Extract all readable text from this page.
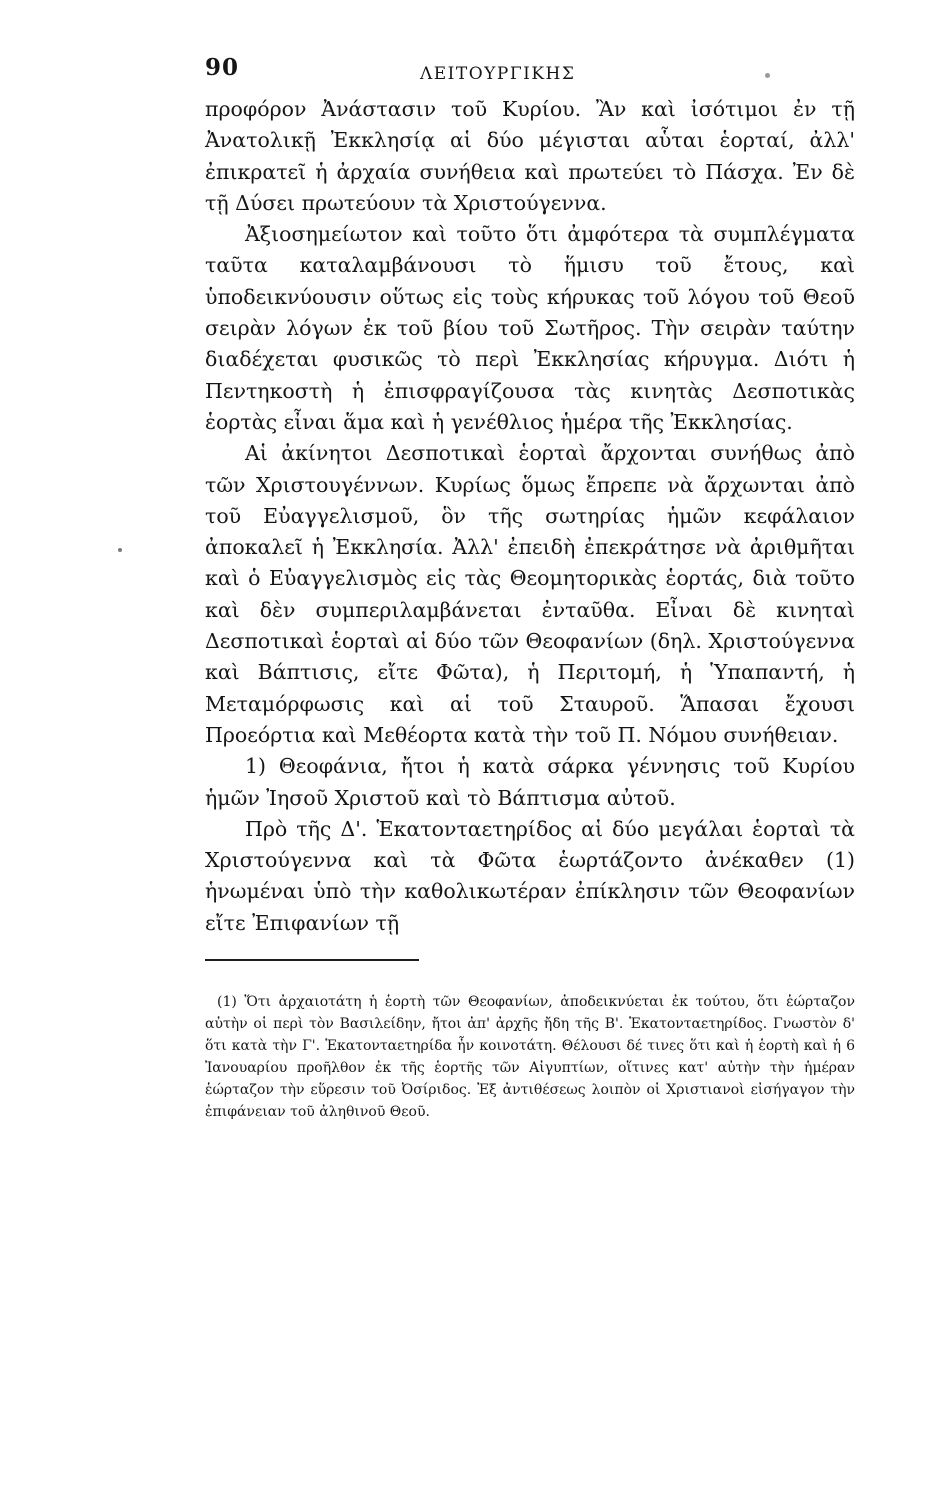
90	ΛΕΙΤΟΥΡΓΙΚΗΣ

προφόρον Ἀνάστασιν τοῦ Κυρίου. Ἂν καὶ ἰσότιμοι ἐν τῇ Ἀνατολικῇ Ἐκκλησίᾳ αἱ δύο μέγισται αὗται ἑορταί, ἀλλ' ἐπικρατεῖ ἡ ἀρχαία συνήθεια καὶ πρωτεύει τὸ Πάσχα. Ἐν δὲ τῇ Δύσει πρωτεύουν τὰ Χριστούγεννα.

Ἀξιοσημείωτον καὶ τοῦτο ὅτι ἀμφότερα τὰ συμπλέγματα ταῦτα καταλαμβάνουσι τὸ ἥμισυ τοῦ ἔτους, καὶ ὑποδεικνύουσιν οὕτως εἰς τοὺς κήρυκας τοῦ λόγου τοῦ Θεοῦ σειρὰν λόγων ἐκ τοῦ βίου τοῦ Σωτῆρος. Τὴν σειρὰν ταύτην διαδέχεται φυσικῶς τὸ περὶ Ἐκκλησίας κήρυγμα. Διότι ἡ Πεντηκοστὴ ἡ ἐπισφραγίζουσα τὰς κινητὰς Δεσποτικὰς ἑορτὰς εἶναι ἅμα καὶ ἡ γενέθλιος ἡμέρα τῆς Ἐκκλησίας.

Αἱ ἀκίνητοι Δεσποτικαὶ ἑορταὶ ἄρχονται συνήθως ἀπὸ τῶν Χριστουγέννων. Κυρίως ὅμως ἔπρεπε νὰ ἄρχωνται ἀπὸ τοῦ Εὐαγγελισμοῦ, ὃν τῆς σωτηρίας ἡμῶν κεφάλαιον ἀποκαλεῖ ἡ Ἐκκλησία. Ἀλλ' ἐπειδὴ ἐπεκράτησε νὰ ἀριθμῆται καὶ ὁ Εὐαγγελισμὸς εἰς τὰς Θεομητορικὰς ἑορτάς, διὰ τοῦτο καὶ δὲν συμπεριλαμβάνεται ἐνταῦθα. Εἶναι δὲ κινηταὶ Δεσποτικαὶ ἑορταὶ αἱ δύο τῶν Θεοφανίων (δηλ. Χριστούγεννα καὶ Βάπτισις, εἴτε Φῶτα), ἡ Περιτομή, ἡ Ὑπαπαντή, ἡ Μεταμόρφωσις καὶ αἱ τοῦ Σταυροῦ. Ἅπασαι ἔχουσι Προεόρτια καὶ Μεθέορτα κατὰ τὴν τοῦ Π. Νόμου συνήθειαν.

1) Θεοφάνια, ἤτοι ἡ κατὰ σάρκα γέννησις τοῦ Κυρίου ἡμῶν Ἰησοῦ Χριστοῦ καὶ τὸ Βάπτισμα αὐτοῦ.

Πρὸ τῆς Δ'. Ἑκατονταετηρίδος αἱ δύο μεγάλαι ἑορταὶ τὰ Χριστούγεννα καὶ τὰ Φῶτα ἑωρτάζοντο ἀνέκαθεν (1) ἡνωμέναι ὑπὸ τὴν καθολικωτέραν ἐπίκλησιν τῶν Θεοφανίων εἴτε Ἐπιφανίων τῇ

(1) Ὅτι ἀρχαιοτάτη ἡ ἑορτὴ τῶν Θεοφανίων, ἀποδεικνύεται ἐκ τούτου, ὅτι ἑώρταζον αὐτὴν οἱ περὶ τὸν Βασιλείδην, ἤτοι ἀπ' ἀρχῆς ἤδη τῆς Β'. Ἑκατονταετηρίδος. Γνωστὸν δ' ὅτι κατὰ τὴν Γ'. Ἑκατονταετηρίδα ἦν κοινοτάτη. Θέλουσι δέ τινες ὅτι καὶ ἡ ἑορτὴ καὶ ἡ 6 Ἰανουαρίου προῆλθον ἐκ τῆς ἑορτῆς τῶν Αἰγυπτίων, οἵτινες κατ' αὐτὴν τὴν ἡμέραν ἑώρταζον τὴν εὕρεσιν τοῦ Ὀσίριδος. Ἐξ ἀντιθέσεως λοιπὸν οἱ Χριστιανοὶ εἰσήγαγον τὴν ἐπιφάνειαν τοῦ ἀληθινοῦ Θεοῦ.
